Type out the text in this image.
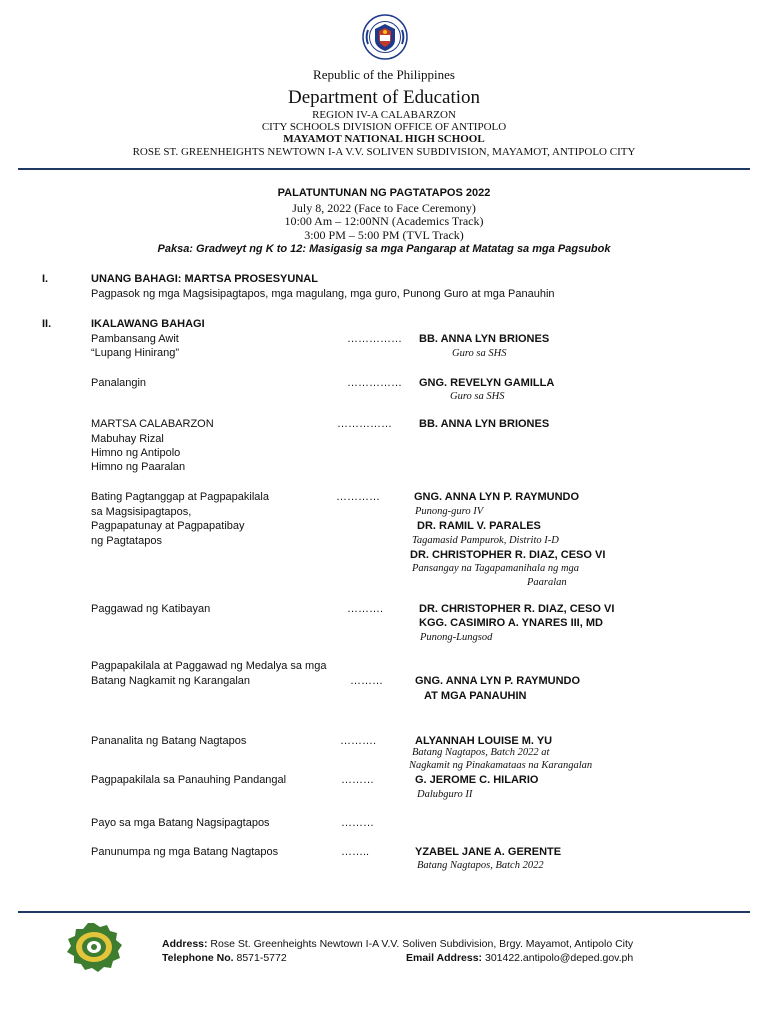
Republic of the Philippines
Department of Education
REGION IV-A CALABARZON
CITY SCHOOLS DIVISION OFFICE OF ANTIPOLO
MAYAMOT NATIONAL HIGH SCHOOL
ROSE ST. GREENHEIGHTS NEWTOWN I-A V.V. SOLIVEN SUBDIVISION, MAYAMOT, ANTIPOLO CITY
PALATUNTUNAN NG PAGTATAPOS 2022
July 8, 2022 (Face to Face Ceremony)
10:00 Am – 12:00NN (Academics Track)
3:00 PM – 5:00 PM (TVL Track)
Paksa: Gradweyt ng K to 12: Masigasig sa mga Pangarap at Matatag sa mga Pagsubok
I.	UNANG BAHAGI: MARTSA PROSESYUNAL
Pagpasok ng mga Magsisipagtapos, mga magulang, mga guro, Punong Guro at mga Panauhin
II.	IKALAWANG BAHAGI
Pambansang Awit
“Lupang Hinirang”
…………… BB. ANNA LYN BRIONES
Guro sa SHS
Panalangin	…………… GNG. REVELYN GAMILLA
Guro sa SHS
MARTSA CALABARZON
Mabuhay Rizal
Himno ng Antipolo
Himno ng Paaralan
…………… BB. ANNA LYN BRIONES
Bating Pagtanggap at Pagpapakilala
sa Magsisipagtapos,
Pagpapatunay at Pagpapatibay
ng Pagtatapos
…………	GNG. ANNA LYN P. RAYMUNDO
Punong-guro IV
DR. RAMIL V. PARALES
Tagamasid Pampurok, Distrito I-D
DR. CHRISTOPHER R. DIAZ, CESO VI
Pansangay na Tagapamanihala ng mga
Paaralan
Paggawad ng Katibayan	……….	DR. CHRISTOPHER R. DIAZ, CESO VI
KGG. CASIMIRO A. YNARES III, MD
Punong-Lungsod
Pagpapakilala at Paggawad ng Medalya sa mga
Batang Nagkamit ng Karangalan	………	GNG. ANNA LYN P. RAYMUNDO
AT MGA PANAUHIN
Pananalita ng Batang Nagtapos	……….	ALYANNAH LOUISE M. YU
Batang Nagtapos, Batch 2022 at
Nagkamit ng Pinakamataas na Karangalan
Pagpapakilala sa Panauhing Pandangal	………	G. JEROME C. HILARIO
Dalubguro II
Payo sa mga Batang Nagsipagtapos	………
Panunumpa ng mga Batang Nagtapos	……..	YZABEL JANE A. GERENTE
Batang Nagtapos, Batch 2022
Address: Rose St. Greenheights Newtown I-A V.V. Soliven Subdivision, Brgy. Mayamot, Antipolo City
Telephone No. 8571-5772	Email Address: 301422.antipolo@deped.gov.ph
